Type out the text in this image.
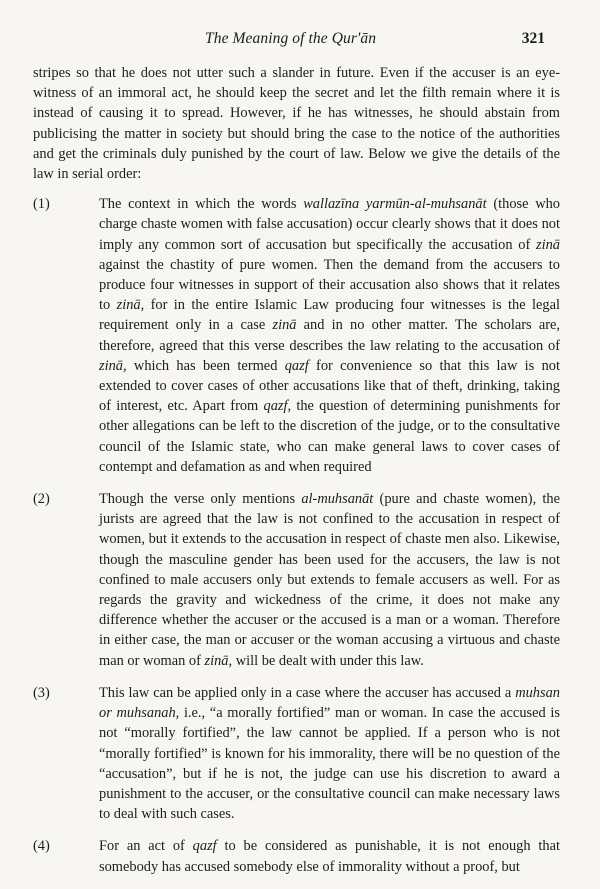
The Meaning of the Qur'ān	321

stripes so that he does not utter such a slander in future. Even if the accuser is an eye-witness of an immoral act, he should keep the secret and let the filth remain where it is instead of causing it to spread. However, if he has witnesses, he should abstain from publicising the matter in society but should bring the case to the notice of the authorities and get the criminals duly punished by the court of law. Below we give the details of the law in serial order:

(1)	The context in which the words wallazīna yarmūn-al-muhsanāt (those who charge chaste women with false accusation) occur clearly shows that it does not imply any common sort of accusation but specifically the accusation of zinā against the chastity of pure women. Then the demand from the accusers to produce four witnesses in support of their accusation also shows that it relates to zinā, for in the entire Islamic Law producing four witnesses is the legal requirement only in a case zinā and in no other matter. The scholars are, therefore, agreed that this verse describes the law relating to the accusation of zinā, which has been termed qazf for convenience so that this law is not extended to cover cases of other accusations like that of theft, drinking, taking of interest, etc. Apart from qazf, the question of determining punishments for other allegations can be left to the discretion of the judge, or to the consultative council of the Islamic state, who can make general laws to cover cases of contempt and defamation as and when required
(2)	Though the verse only mentions al-muhsanāt (pure and chaste women), the jurists are agreed that the law is not confined to the accusation in respect of women, but it extends to the accusation in respect of chaste men also. Likewise, though the masculine gender has been used for the accusers, the law is not confined to male accusers only but extends to female accusers as well. For as regards the gravity and wickedness of the crime, it does not make any difference whether the accuser or the accused is a man or a woman. Therefore in either case, the man or accuser or the woman accusing a virtuous and chaste man or woman of zinā, will be dealt with under this law.
(3)	This law can be applied only in a case where the accuser has accused a muhsan or muhsanah, i.e., “a morally fortified” man or woman. In case the accused is not “morally fortified”, the law cannot be applied. If a person who is not “morally fortified” is known for his immorality, there will be no question of the “accusation”, but if he is not, the judge can use his discretion to award a punishment to the accuser, or the consultative council can make necessary laws to deal with such cases.
(4)	For an act of qazf to be considered as punishable, it is not enough that somebody has accused somebody else of immorality without a proof, but
